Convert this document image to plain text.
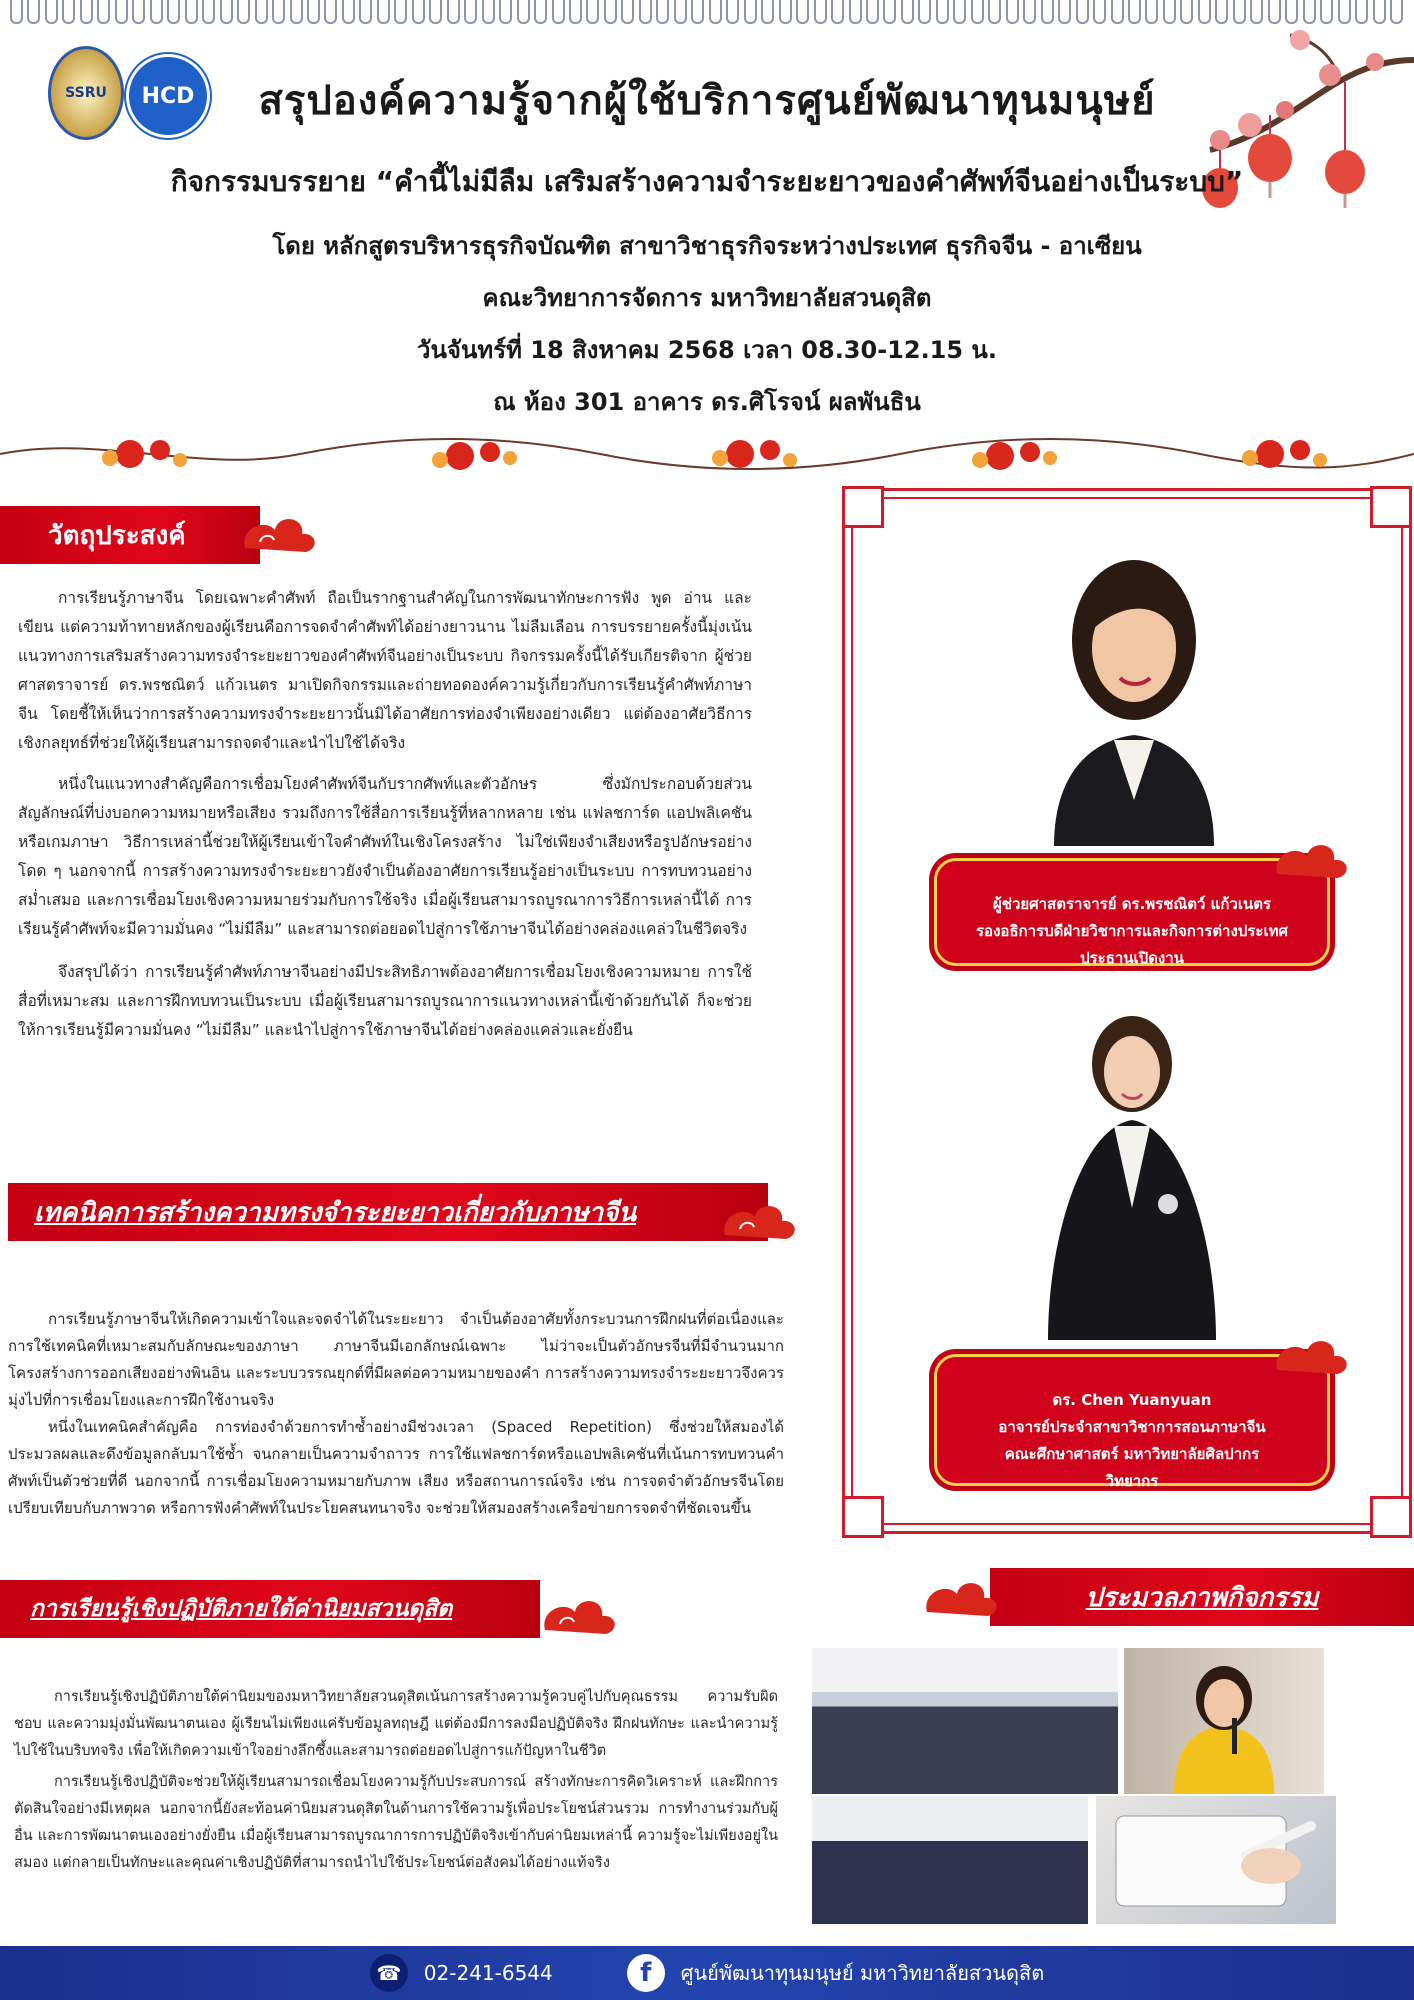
SSRU HCD	สรุปองค์ความรู้จากผู้ใช้บริการศูนย์พัฒนาทุนมนุษย์
กิจกรรมบรรยาย “คำนี้ไม่มีลืม เสริมสร้างความจำระยะยาวของคำศัพท์จีนอย่างเป็นระบบ”
โดย หลักสูตรบริหารธุรกิจบัณฑิต สาขาวิชาธุรกิจระหว่างประเทศ ธุรกิจจีน - อาเซียน
คณะวิทยาการจัดการ มหาวิทยาลัยสวนดุสิต
วันจันทร์ที่ 18 สิงหาคม 2568 เวลา 08.30-12.15 น.
ณ ห้อง 301 อาคาร ดร.ศิโรจน์ ผลพันธิน
วัตถุประสงค์

การเรียนรู้ภาษาจีน โดยเฉพาะคำศัพท์ ถือเป็นรากฐานสำคัญในการพัฒนาทักษะการฟัง พูด อ่าน และเขียน แต่ความท้าทายหลักของผู้เรียนคือการจดจำคำศัพท์ได้อย่างยาวนาน ไม่ลืมเลือน การบรรยายครั้งนี้มุ่งเน้นแนวทางการเสริมสร้างความทรงจำระยะยาวของคำศัพท์จีนอย่างเป็นระบบ กิจกรรมครั้งนี้ได้รับเกียรติจาก ผู้ช่วยศาสตราจารย์ ดร.พรชณิตว์ แก้วเนตร มาเปิดกิจกรรมและถ่ายทอดองค์ความรู้เกี่ยวกับการเรียนรู้คำศัพท์ภาษาจีน โดยชี้ให้เห็นว่าการสร้างความทรงจำระยะยาวนั้นมิได้อาศัยการท่องจำเพียงอย่างเดียว แต่ต้องอาศัยวิธีการเชิงกลยุทธ์ที่ช่วยให้ผู้เรียนสามารถจดจำและนำไปใช้ได้จริง

หนึ่งในแนวทางสำคัญคือการเชื่อมโยงคำศัพท์จีนกับรากศัพท์และตัวอักษร ซึ่งมักประกอบด้วยส่วนสัญลักษณ์ที่บ่งบอกความหมายหรือเสียง รวมถึงการใช้สื่อการเรียนรู้ที่หลากหลาย เช่น แฟลชการ์ด แอปพลิเคชัน หรือเกมภาษา วิธีการเหล่านี้ช่วยให้ผู้เรียนเข้าใจคำศัพท์ในเชิงโครงสร้าง ไม่ใช่เพียงจำเสียงหรือรูปอักษรอย่างโดด ๆ นอกจากนี้ การสร้างความทรงจำระยะยาวยังจำเป็นต้องอาศัยการเรียนรู้อย่างเป็นระบบ การทบทวนอย่างสม่ำเสมอ และการเชื่อมโยงเชิงความหมายร่วมกับการใช้จริง เมื่อผู้เรียนสามารถบูรณาการวิธีการเหล่านี้ได้ การเรียนรู้คำศัพท์จะมีความมั่นคง “ไม่มีลืม” และสามารถต่อยอดไปสู่การใช้ภาษาจีนได้อย่างคล่องแคล่วในชีวิตจริง

จึงสรุปได้ว่า การเรียนรู้คำศัพท์ภาษาจีนอย่างมีประสิทธิภาพต้องอาศัยการเชื่อมโยงเชิงความหมาย การใช้สื่อที่เหมาะสม และการฝึกทบทวนเป็นระบบ เมื่อผู้เรียนสามารถบูรณาการแนวทางเหล่านี้เข้าด้วยกันได้ ก็จะช่วยให้การเรียนรู้มีความมั่นคง “ไม่มีลืม” และนำไปสู่การใช้ภาษาจีนได้อย่างคล่องแคล่วและยั่งยืน

เทคนิคการสร้างความทรงจำระยะยาวเกี่ยวกับภาษาจีน

การเรียนรู้ภาษาจีนให้เกิดความเข้าใจและจดจำได้ในระยะยาว จำเป็นต้องอาศัยทั้งกระบวนการฝึกฝนที่ต่อเนื่องและการใช้เทคนิคที่เหมาะสมกับลักษณะของภาษา ภาษาจีนมีเอกลักษณ์เฉพาะ ไม่ว่าจะเป็นตัวอักษรจีนที่มีจำนวนมาก โครงสร้างการออกเสียงอย่างพินอิน และระบบวรรณยุกต์ที่มีผลต่อความหมายของคำ การสร้างความทรงจำระยะยาวจึงควรมุ่งไปที่การเชื่อมโยงและการฝึกใช้งานจริง

หนึ่งในเทคนิคสำคัญคือ การท่องจำด้วยการทำซ้ำอย่างมีช่วงเวลา (Spaced Repetition) ซึ่งช่วยให้สมองได้ประมวลผลและดึงข้อมูลกลับมาใช้ซ้ำ จนกลายเป็นความจำถาวร การใช้แฟลชการ์ดหรือแอปพลิเคชันที่เน้นการทบทวนคำศัพท์เป็นตัวช่วยที่ดี นอกจากนี้ การเชื่อมโยงความหมายกับภาพ เสียง หรือสถานการณ์จริง เช่น การจดจำตัวอักษรจีนโดยเปรียบเทียบกับภาพวาด หรือการฟังคำศัพท์ในประโยคสนทนาจริง จะช่วยให้สมองสร้างเครือข่ายการจดจำที่ชัดเจนขึ้น

การเรียนรู้เชิงปฏิบัติภายใต้ค่านิยมสวนดุสิต

การเรียนรู้เชิงปฏิบัติภายใต้ค่านิยมของมหาวิทยาลัยสวนดุสิตเน้นการสร้างความรู้ควบคู่ไปกับคุณธรรม ความรับผิดชอบ และความมุ่งมั่นพัฒนาตนเอง ผู้เรียนไม่เพียงแค่รับข้อมูลทฤษฎี แต่ต้องมีการลงมือปฏิบัติจริง ฝึกฝนทักษะ และนำความรู้ไปใช้ในบริบทจริง เพื่อให้เกิดความเข้าใจอย่างลึกซึ้งและสามารถต่อยอดไปสู่การแก้ปัญหาในชีวิต

การเรียนรู้เชิงปฏิบัติจะช่วยให้ผู้เรียนสามารถเชื่อมโยงความรู้กับประสบการณ์ สร้างทักษะการคิดวิเคราะห์ และฝึกการตัดสินใจอย่างมีเหตุผล นอกจากนี้ยังสะท้อนค่านิยมสวนดุสิตในด้านการใช้ความรู้เพื่อประโยชน์ส่วนรวม การทำงานร่วมกับผู้อื่น และการพัฒนาตนเองอย่างยั่งยืน เมื่อผู้เรียนสามารถบูรณาการการปฏิบัติจริงเข้ากับค่านิยมเหล่านี้ ความรู้จะไม่เพียงอยู่ในสมอง แต่กลายเป็นทักษะและคุณค่าเชิงปฏิบัติที่สามารถนำไปใช้ประโยชน์ต่อสังคมได้อย่างแท้จริง

ผู้ช่วยศาสตราจารย์ ดร.พรชณิตว์ แก้วเนตร
รองอธิการบดีฝ่ายวิชาการและกิจการต่างประเทศ
ประธานเปิดงาน
ดร. Chen Yuanyuan
อาจารย์ประจำสาขาวิชาการสอนภาษาจีน
คณะศึกษาศาสตร์ มหาวิทยาลัยศิลปากร
วิทยากร
ประมวลภาพกิจกรรม
☎	02-241-6544	f	ศูนย์พัฒนาทุนมนุษย์ มหาวิทยาลัยสวนดุสิต
